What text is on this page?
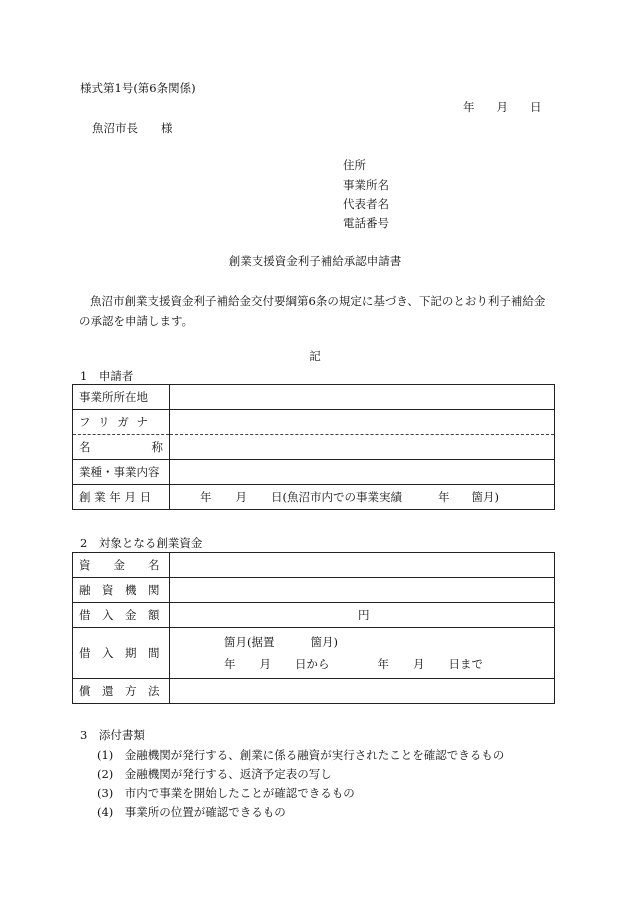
様式第1号(第6条関係)
年 月 日
魚沼市長　　様
住所
事業所名
代表者名
電話番号
創業支援資金利子補給承認申請書
魚沼市創業支援資金利子補給金交付要綱第6条の規定に基づき、下記のとおり利子補給金
の承認を申請します。
記
1　申請者
事業所所在地	

フ リ ガ ナ	

名 称	

業種・事業内容	

創 業 年 月 日	年 月 日(魚沼市内での事業実績 年 箇月)
2　対象となる創業資金
資　　金　　名	
融　資　機　関	
借　入　金　額	円
借　入　期　間	箇月(据置 箇月)
年 月 日から 年 月 日まで

償　還　方　法	
3　添付書類
(1)　金融機関が発行する、創業に係る融資が実行されたことを確認できるもの
(2)　金融機関が発行する、返済予定表の写し
(3)　市内で事業を開始したことが確認できるもの
(4)　事業所の位置が確認できるもの
